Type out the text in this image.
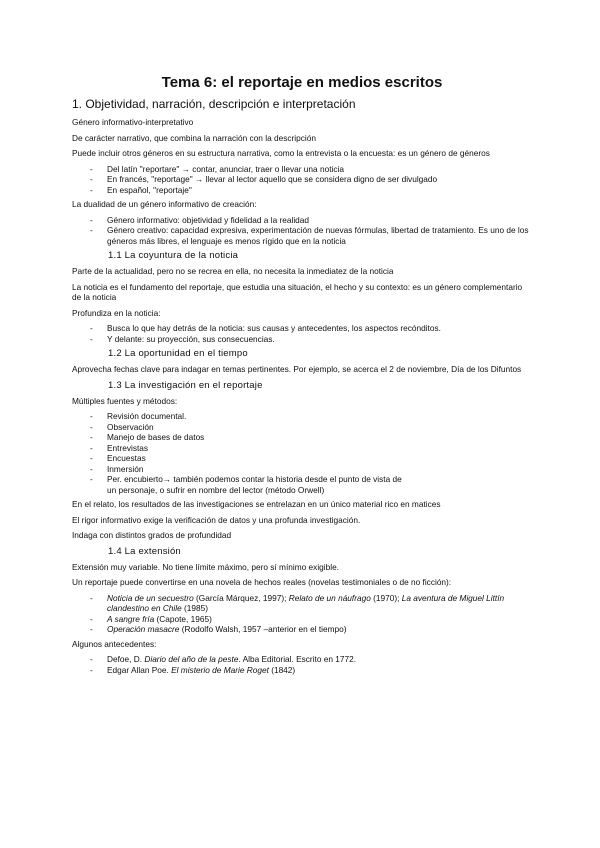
Tema 6: el reportaje en medios escritos
1. Objetividad, narración, descripción e interpretación

Género informativo-interpretativo

De carácter narrativo, que combina la narración con la descripción

Puede incluir otros géneros en su estructura narrativa, como la entrevista o la encuesta: es un género de géneros

- Del latín "reportare" → contar, anunciar, traer o llevar una noticia
- En francés, "reportage" → llevar al lector aquello que se considera digno de ser divulgado
- En español, "reportaje"

La dualidad de un género informativo de creación:

- Género informativo: objetividad y fidelidad a la realidad
- Género creativo: capacidad expresiva, experimentación de nuevas fórmulas, libertad de tratamiento. Es uno de los géneros más libres, el lenguaje es menos rígido que en la noticia
1.1 La coyuntura de la noticia

Parte de la actualidad, pero no se recrea en ella, no necesita la inmediatez de la noticia

La noticia es el fundamento del reportaje, que estudia una situación, el hecho y su contexto: es un género complementario de la noticia

Profundiza en la noticia:

- Busca lo que hay detrás de la noticia: sus causas y antecedentes, los aspectos recónditos.
- Y delante: su proyección, sus consecuencias.
1.2 La oportunidad en el tiempo

Aprovecha fechas clave para indagar en temas pertinentes. Por ejemplo, se acerca el 2 de noviembre, Día de los Difuntos

1.3 La investigación en el reportaje

Múltiples fuentes y métodos:

- Revisión documental.
- Observación
- Manejo de bases de datos
- Entrevistas
- Encuestas
- Inmersión
- Per. encubierto→ también podemos contar la historia desde el punto de vista de un personaje, o sufrir en nombre del lector (método Orwell)

En el relato, los resultados de las investigaciones se entrelazan en un único material rico en matices

El rigor informativo exige la verificación de datos y una profunda investigación.

Indaga con distintos grados de profundidad

1.4 La extensión

Extensión muy variable. No tiene límite máximo, pero sí mínimo exigible.

Un reportaje puede convertirse en una novela de hechos reales (novelas testimoniales o de no ficción):

- Noticia de un secuestro (García Márquez, 1997); Relato de un náufrago (1970); La aventura de Miguel Littín clandestino en Chile (1985)
- A sangre fría (Capote, 1965)
- Operación masacre (Rodolfo Walsh, 1957 –anterior en el tiempo)

Algunos antecedentes:

- Defoe, D. Diario del año de la peste. Alba Editorial. Escrito en 1772.
- Edgar Allan Poe. El misterio de Marie Roget (1842)
